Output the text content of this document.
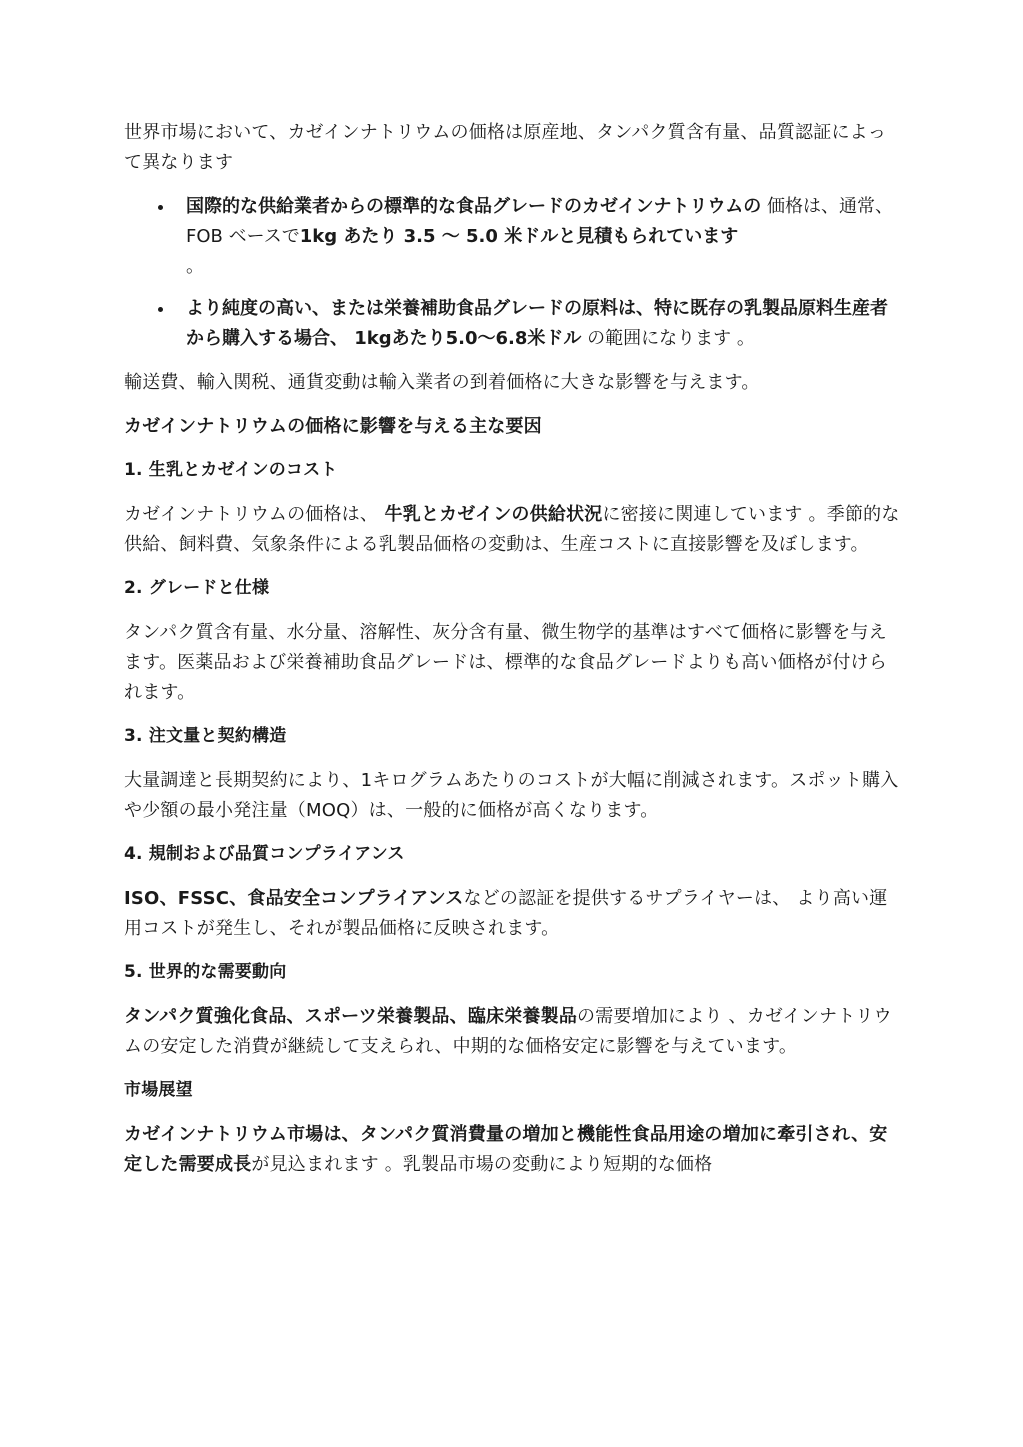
世界市場において、カゼインナトリウムの価格は原産地、タンパク質含有量、品質認証によって異なります

国際的な供給業者からの標準的な食品グレードのカゼインナトリウムの 価格は、通常、 FOB ベースで1kg あたり 3.5 ～ 5.0 米ドルと見積もられています
。
より純度の高い、または栄養補助食品グレードの原料は、特に既存の乳製品原料生産者から購入する場合、 1kgあたり5.0〜6.8米ドル の範囲になります 。

輸送費、輸入関税、通貨変動は輸入業者の到着価格に大きな影響を与えます。

カゼインナトリウムの価格に影響を与える主な要因

1. 生乳とカゼインのコスト

カゼインナトリウムの価格は、 牛乳とカゼインの供給状況に密接に関連しています 。季節的な供給、飼料費、気象条件による乳製品価格の変動は、生産コストに直接影響を及ぼします。

2. グレードと仕様

タンパク質含有量、水分量、溶解性、灰分含有量、微生物学的基準はすべて価格に影響を与えます。医薬品および栄養補助食品グレードは、標準的な食品グレードよりも高い価格が付けられます。

3. 注文量と契約構造

大量調達と長期契約により、1キログラムあたりのコストが大幅に削減されます。スポット購入や少額の最小発注量（MOQ）は、一般的に価格が高くなります。

4. 規制および品質コンプライアンス

ISO、FSSC、食品安全コンプライアンスなどの認証を提供するサプライヤーは、 より高い運用コストが発生し、それが製品価格に反映されます。

5. 世界的な需要動向

タンパク質強化食品、スポーツ栄養製品、臨床栄養製品の需要増加により 、カゼインナトリウムの安定した消費が継続して支えられ、中期的な価格安定に影響を与えています。

市場展望

カゼインナトリウム市場は、タンパク質消費量の増加と機能性食品用途の増加に牽引され、安定した需要成長が見込まれます 。乳製品市場の変動により短期的な価格
